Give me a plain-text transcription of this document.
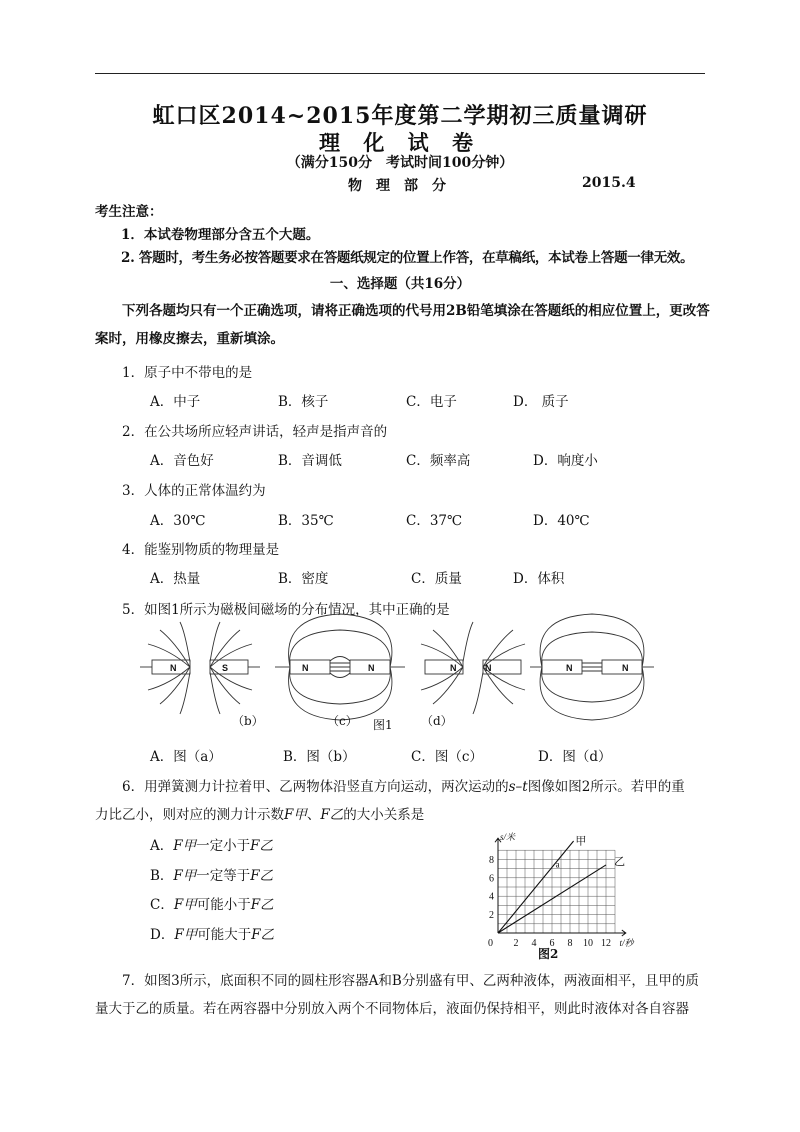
虹口区2014~2015年度第二学期初三质量调研
理 化 试 卷
（满分150分　考试时间100分钟）
物　理　部　分	2015.4
考生注意：
1．本试卷物理部分含五个大题。
2. 答题时，考生务必按答题要求在答题纸规定的位置上作答，在草稿纸，本试卷上答题一律无效。
一、选择题（共16分）
下列各题均只有一个正确选项，请将正确选项的代号用2B铅笔填涂在答题纸的相应位置上，更改答案时，用橡皮擦去，重新填涂。
1．原子中不带电的是
A．中子	B．核子	C．电子	D． 质子
2．在公共场所应轻声讲话，轻声是指声音的
A．音色好	B．音调低	C．频率高	D．响度小
3．人体的正常体温约为
A．30℃	B．35℃	C．37℃	D．40℃
4．能鉴别物质的物理量是
A．热量	B．密度	C．质量	D．体积
5．如图1所示为磁极间磁场的分布情况，其中正确的是
N	S	N	N	N	N	N	N
（b）	（c） 图1 （d）
A．图（a）	B．图（b）	C．图（c）	D．图（d）
6．用弹簧测力计拉着甲、乙两物体沿竖直方向运动，两次运动的s–t图像如图2所示。若甲的重
力比乙小，则对应的测力计示数F甲、F乙的大小关系是
A．F甲一定小于F乙
B．F甲一定等于F乙
C．F甲可能小于F乙
D．F甲可能大于F乙
2
4
6
8
2 4 6 8 10 12
0
s/米
t/秒
甲
乙
a
图2
7．如图3所示，底面积不同的圆柱形容器A和B分别盛有甲、乙两种液体，两液面相平，且甲的质量大于乙的质量。若在两容器中分别放入两个不同物体后，液面仍保持相平，则此时液体对各自容器
